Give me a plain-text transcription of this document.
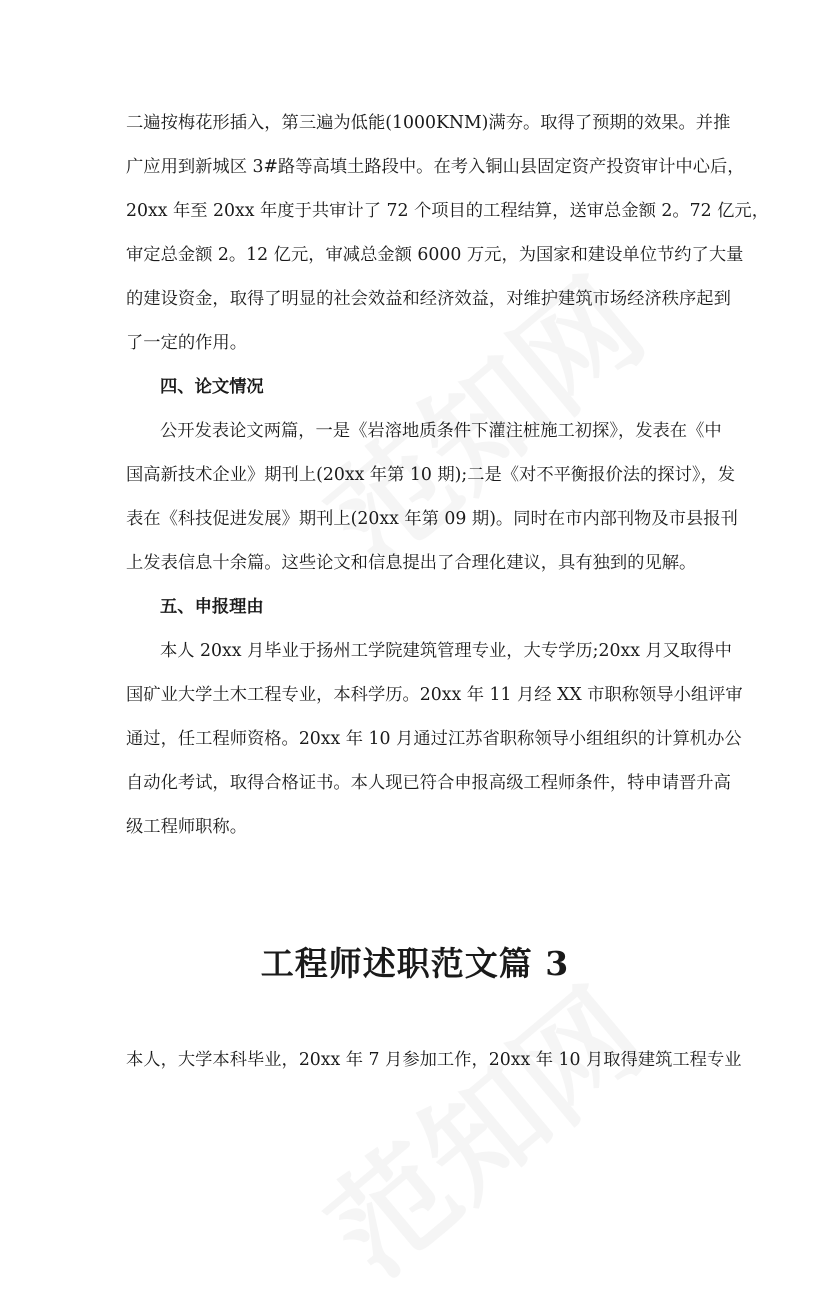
二遍按梅花形插入，第三遍为低能(1000KNM)满夯。取得了预期的效果。并推
广应用到新城区 3#路等高填土路段中。在考入铜山县固定资产投资审计中心后，
20xx 年至 20xx 年度于共审计了 72 个项目的工程结算，送审总金额 2。72 亿元，
审定总金额 2。12 亿元，审减总金额 6000 万元，为国家和建设单位节约了大量
的建设资金，取得了明显的社会效益和经济效益，对维护建筑市场经济秩序起到
了一定的作用。
四、论文情况
公开发表论文两篇，一是《岩溶地质条件下灌注桩施工初探》，发表在《中
国高新技术企业》期刊上(20xx 年第 10 期);二是《对不平衡报价法的探讨》，发
表在《科技促进发展》期刊上(20xx 年第 09 期)。同时在市内部刊物及市县报刊
上发表信息十余篇。这些论文和信息提出了合理化建议，具有独到的见解。
五、申报理由
本人 20xx 月毕业于扬州工学院建筑管理专业，大专学历;20xx 月又取得中
国矿业大学土木工程专业，本科学历。20xx 年 11 月经 XX 市职称领导小组评审
通过，任工程师资格。20xx 年 10 月通过江苏省职称领导小组组织的计算机办公
自动化考试，取得合格证书。本人现已符合申报高级工程师条件，特申请晋升高
级工程师职称。
工程师述职范文篇 3
本人，大学本科毕业，20xx 年 7 月参加工作，20xx 年 10 月取得建筑工程专业
